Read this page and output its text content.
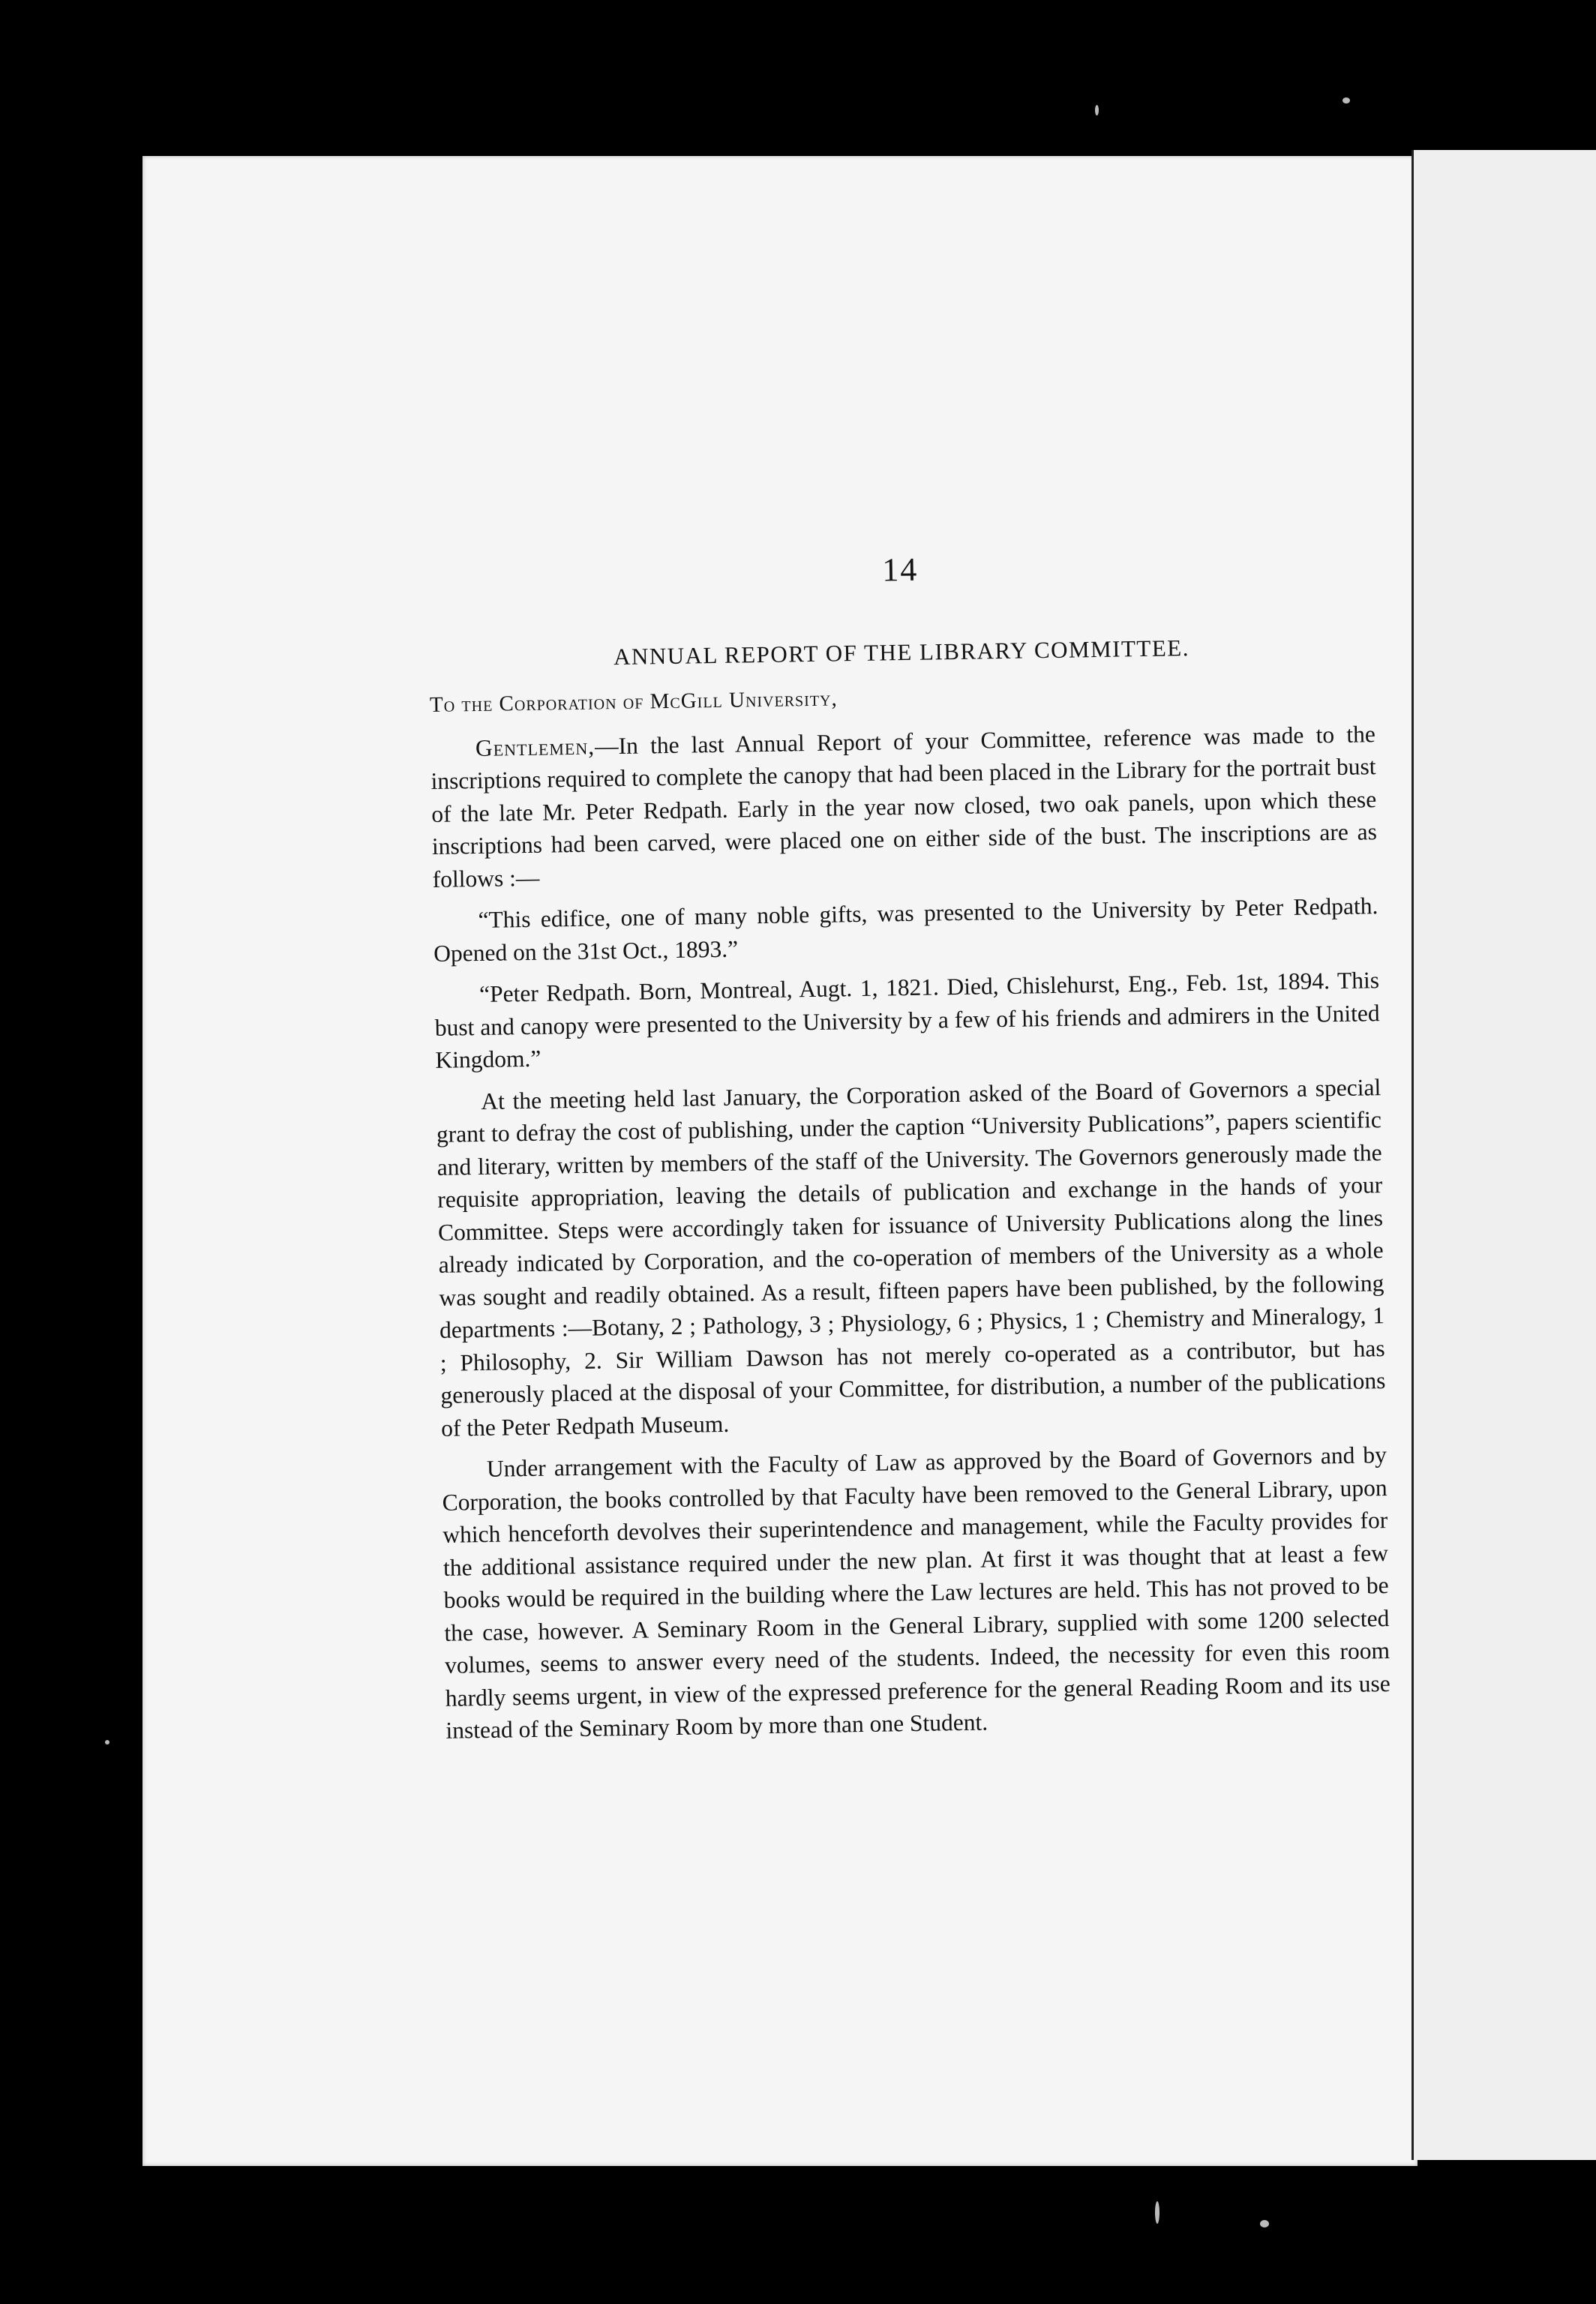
14
ANNUAL REPORT OF THE LIBRARY COMMITTEE.
To the Corporation of McGill University,

Gentlemen,—In the last Annual Report of your Committee, reference was made to the inscriptions required to complete the canopy that had been placed in the Library for the portrait bust of the late Mr. Peter Redpath. Early in the year now closed, two oak panels, upon which these inscriptions had been carved, were placed one on either side of the bust. The inscriptions are as follows :—

“This edifice, one of many noble gifts, was presented to the University by Peter Redpath. Opened on the 31st Oct., 1893.”

“Peter Redpath. Born, Montreal, Augt. 1, 1821. Died, Chislehurst, Eng., Feb. 1st, 1894. This bust and canopy were presented to the University by a few of his friends and admirers in the United Kingdom.”

At the meeting held last January, the Corporation asked of the Board of Governors a special grant to defray the cost of publishing, under the caption “University Publications”, papers scientific and literary, written by members of the staff of the University. The Governors generously made the requisite appropriation, leaving the details of publication and exchange in the hands of your Committee. Steps were accordingly taken for issuance of University Publications along the lines already indicated by Corporation, and the co-operation of members of the University as a whole was sought and readily obtained. As a result, fifteen papers have been published, by the following departments :—Botany, 2 ; Pathology, 3 ; Physiology, 6 ; Physics, 1 ; Chemistry and Mineralogy, 1 ; Philosophy, 2. Sir William Dawson has not merely co-operated as a contributor, but has generously placed at the disposal of your Committee, for distribution, a number of the publications of the Peter Redpath Museum.

Under arrangement with the Faculty of Law as approved by the Board of Governors and by Corporation, the books controlled by that Faculty have been removed to the General Library, upon which henceforth devolves their superintendence and management, while the Faculty provides for the additional assistance required under the new plan. At first it was thought that at least a few books would be required in the building where the Law lectures are held. This has not proved to be the case, however. A Seminary Room in the General Library, supplied with some 1200 selected volumes, seems to answer every need of the students. Indeed, the necessity for even this room hardly seems urgent, in view of the expressed preference for the general Reading Room and its use instead of the Seminary Room by more than one Student.
